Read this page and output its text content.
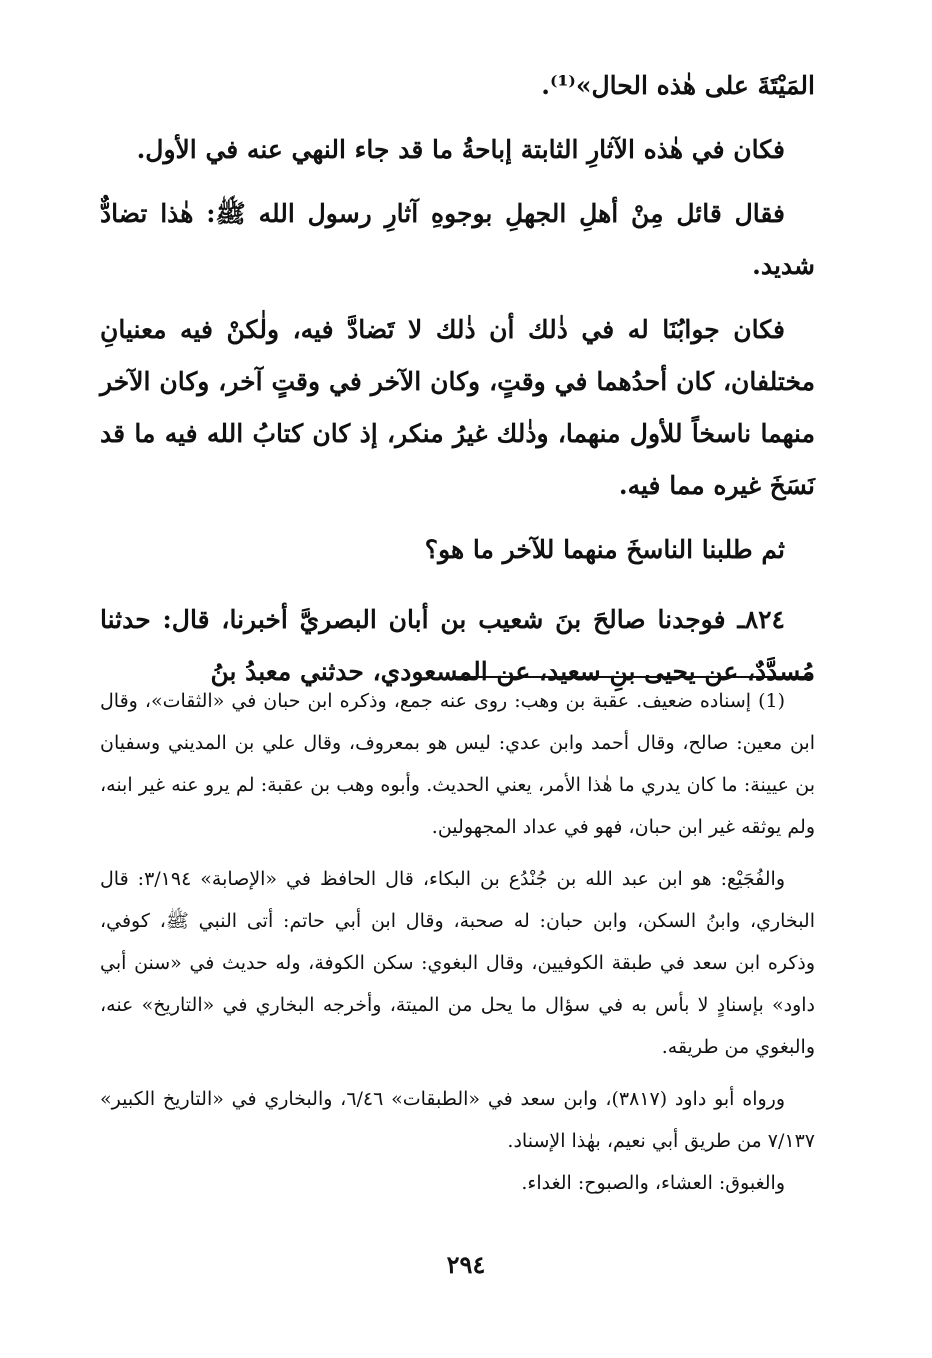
المَيْتَةَ على هٰذه الحال»⁽¹⁾.

فكان في هٰذه الآثارِ الثابتة إباحةُ ما قد جاء النهي عنه في الأول.

فقال قائل مِنْ أهلِ الجهلِ بوجوهِ آثارِ رسول الله ﷺ: هٰذا تضادٌّ شديد.

فكان جوابُنَا له في ذٰلك أن ذٰلك لا تَضادَّ فيه، ولٰكنْ فيه معنيانِ مختلفان، كان أحدُهما في وقتٍ، وكان الآخر في وقتٍ آخر، وكان الآخر منهما ناسخاً للأول منهما، وذٰلك غيرُ منكر، إذ كان كتابُ الله فيه ما قد نَسَخَ غيره مما فيه.

ثم طلبنا الناسخَ منهما للآخر ما هو؟

٨٢٤ـ فوجدنا صالحَ بنَ شعيب بن أبان البصريَّ أخبرنا، قال: حدثنا مُسدَّدٌ، عن يحيى بنِ سعيد، عن المسعودي، حدثني معبدُ بنُ

(1) إسناده ضعيف. عقبة بن وهب: روى عنه جمع، وذكره ابن حبان في «الثقات»، وقال ابن معين: صالح، وقال أحمد وابن عدي: ليس هو بمعروف، وقال علي بن المديني وسفيان بن عيينة: ما كان يدري ما هٰذا الأمر، يعني الحديث. وأبوه وهب بن عقبة: لم يرو عنه غير ابنه، ولم يوثقه غير ابن حبان، فهو في عداد المجهولين.

والفُجَيْع: هو ابن عبد الله بن جُنْدُع بن البكاء، قال الحافظ في «الإصابة» ٣/١٩٤: قال البخاري، وابنُ السكن، وابن حبان: له صحبة، وقال ابن أبي حاتم: أتى النبي ﷺ، كوفي، وذكره ابن سعد في طبقة الكوفيين، وقال البغوي: سكن الكوفة، وله حديث في «سنن أبي داود» بإسنادٍ لا بأس به في سؤال ما يحل من الميتة، وأخرجه البخاري في «التاريخ» عنه، والبغوي من طريقه.

ورواه أبو داود (٣٨١٧)، وابن سعد في «الطبقات» ٦/٤٦، والبخاري في «التاريخ الكبير» ٧/١٣٧ من طريق أبي نعيم، بهٰذا الإسناد.

والغبوق: العشاء، والصبوح: الغداء.

٢٩٤
